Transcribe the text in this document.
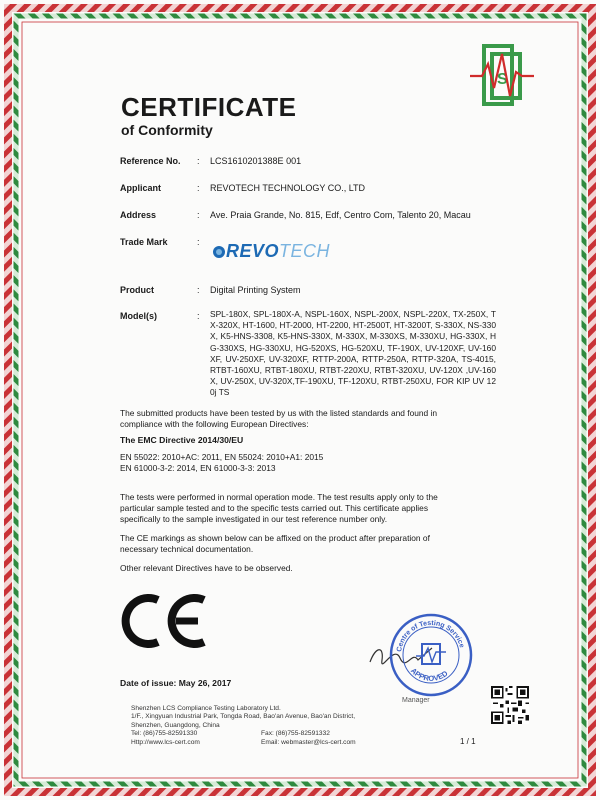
S
CERTIFICATE
of Conformity
Reference No. : LCS1610201388E 001
Applicant	: REVOTECH TECHNOLOGY CO., LTD
Address	: Ave. Praia Grande, No. 815, Edf, Centro Com, Talento 20, Macau
Trade Mark	:	REVOTECH
Product	: Digital Printing System
Model(s)	: SPL-180X, SPL-180X-A, NSPL-160X, NSPL-200X, NSPL-220X, TX-250X, TX-320X, HT-1600, HT-2000, HT-2200, HT-2500T, HT-3200T, S-330X, NS-330X, K5-HNS-3308, K5-HNS-330X, M-330X, M-330XS, M-330XU, HG-330X, HG-330XS, HG-330XU, HG-520XS, HG-520XU, TF-190X, UV-120XF, UV-160XF, UV-250XF, UV-320XF, RTTP-200A, RTTP-250A, RTTP-320A, TS-4015, RTBT-160XU, RTBT-180XU, RTBT-220XU, RTBT-320XU, UV-120X ,UV-160X, UV-250X, UV-320X,TF-190XU, TF-120XU, RTBT-250XU, FOR KIP UV 120j TS
The submitted products have been tested by us with the listed standards and found in
compliance with the following European Directives:
The EMC Directive 2014/30/EU
EN 55022: 2010+AC: 2011, EN 55024: 2010+A1: 2015
EN 61000-3-2: 2014, EN 61000-3-3: 2013
The tests were performed in normal operation mode. The test results apply only to the
particular sample tested and to the specific tests carried out. This certificate applies
specifically to the sample investigated in our test reference number only.
The CE markings as shown below can be affixed on the product after preparation of
necessary technical documentation.
Other relevant Directives have to be observed.
Centre of Testing Service
APPROVED
Manager
Date of issue: May 26, 2017
Shenzhen LCS Compliance Testing Laboratory Ltd.
1/F., Xingyuan Industrial Park, Tongda Road, Bao'an Avenue, Bao'an District,
Shenzhen, Guangdong, China
Tel: (86)755-82591330
Http://www.lcs-cert.com
Fax: (86)755-82591332
Email: webmaster@lcs-cert.com	1 / 1
